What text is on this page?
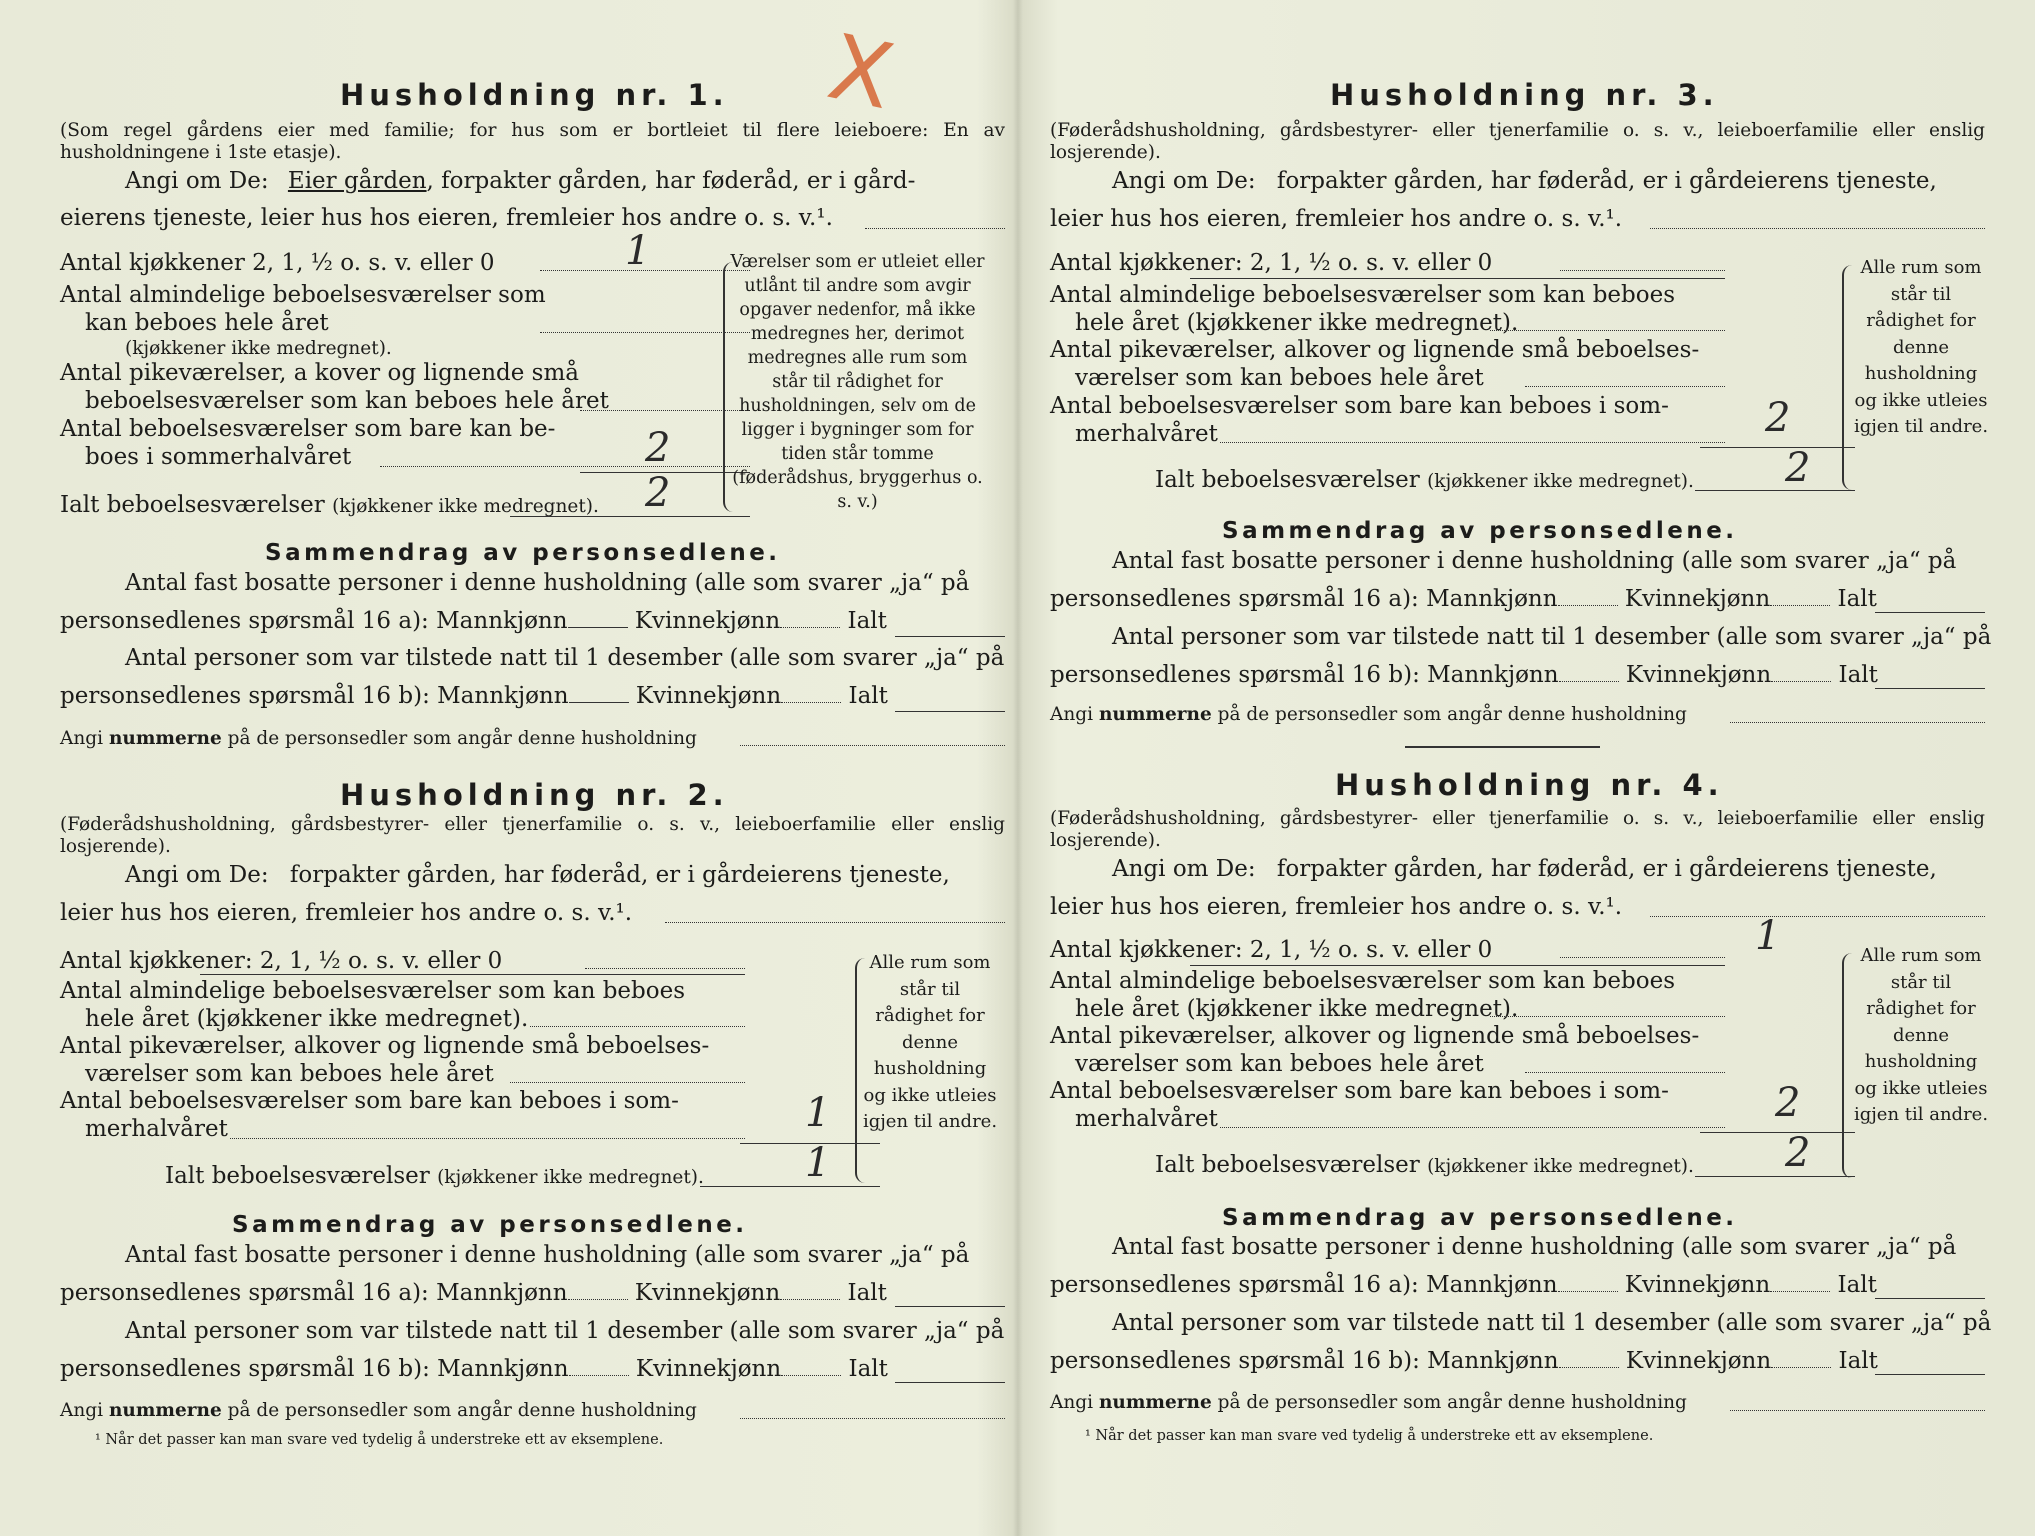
X
Husholdning nr. 1.
(Som regel gårdens eier med familie; for hus som er bortleiet til flere leieboere: En av husholdningene i 1ste etasje).
Angi om De: Eier gården, forpakter gården, har føderåd, er i gård-
eierens tjeneste, leier hus hos eieren, fremleier hos andre o. s. v.¹.
Antal kjøkkener 2, 1, ½ o. s. v. eller 0	1
Antal almindelige beboelsesværelser som
kan beboes hele året
(kjøkkener ikke medregnet).
Antal pikeværelser, a kover og lignende små
beboelsesværelser som kan beboes hele året
Antal beboelsesværelser som bare kan be-
boes i sommerhalvåret	2
Ialt beboelsesværelser (kjøkkener ikke medregnet). 2
Værelser som er utleiet eller utlånt til andre som avgir opgaver nedenfor, må ikke medregnes her, derimot medregnes alle rum som står til rådighet for husholdningen, selv om de ligger i bygninger som for tiden står tomme (føderådshus, bryggerhus o. s. v.)
Sammendrag av personsedlene.
Antal fast bosatte personer i denne husholdning (alle som svarer „ja“ på
personsedlenes spørsmål 16 a): Mannkjønn	Kvinnekjønn	Ialt
Antal personer som var tilstede natt til 1 desember (alle som svarer „ja“ på
personsedlenes spørsmål 16 b): Mannkjønn	Kvinnekjønn	Ialt
Angi nummerne på de personsedler som angår denne husholdning
Husholdning nr. 2.
(Føderådshusholdning, gårdsbestyrer- eller tjenerfamilie o. s. v., leieboerfamilie eller enslig losjerende).
Angi om De: forpakter gården, har føderåd, er i gårdeierens tjeneste,
leier hus hos eieren, fremleier hos andre o. s. v.¹.
Antal kjøkkener: 2, 1, ½ o. s. v. eller 0
Antal almindelige beboelsesværelser som kan beboes
hele året (kjøkkener ikke medregnet).
Antal pikeværelser, alkover og lignende små beboelses-
værelser som kan beboes hele året
Antal beboelsesværelser som bare kan beboes i som-
merhalvåret	1
Ialt beboelsesværelser (kjøkkener ikke medregnet).	1
Alle rum som står til rådighet for denne husholdning og ikke utleies igjen til andre.
Sammendrag av personsedlene.
Antal fast bosatte personer i denne husholdning (alle som svarer „ja“ på
personsedlenes spørsmål 16 a): Mannkjønn	Kvinnekjønn	Ialt
Antal personer som var tilstede natt til 1 desember (alle som svarer „ja“ på
personsedlenes spørsmål 16 b): Mannkjønn	Kvinnekjønn	Ialt
Angi nummerne på de personsedler som angår denne husholdning
¹ Når det passer kan man svare ved tydelig å understreke ett av eksemplene.
Husholdning nr. 3.
(Føderådshusholdning, gårdsbestyrer- eller tjenerfamilie o. s. v., leieboerfamilie eller enslig losjerende).
Angi om De: forpakter gården, har føderåd, er i gårdeierens tjeneste,
leier hus hos eieren, fremleier hos andre o. s. v.¹.
Antal kjøkkener: 2, 1, ½ o. s. v. eller 0
Antal almindelige beboelsesværelser som kan beboes
hele året (kjøkkener ikke medregnet).
Antal pikeværelser, alkover og lignende små beboelses-
værelser som kan beboes hele året
Antal beboelsesværelser som bare kan beboes i som-
merhalvåret	2
Ialt beboelsesværelser (kjøkkener ikke medregnet). 2
Alle rum som står til rådighet for denne husholdning og ikke utleies igjen til andre.
Sammendrag av personsedlene.
Antal fast bosatte personer i denne husholdning (alle som svarer „ja“ på
personsedlenes spørsmål 16 a): Mannkjønn	Kvinnekjønn	Ialt
Antal personer som var tilstede natt til 1 desember (alle som svarer „ja“ på
personsedlenes spørsmål 16 b): Mannkjønn	Kvinnekjønn	Ialt
Angi nummerne på de personsedler som angår denne husholdning
Husholdning nr. 4.
(Føderådshusholdning, gårdsbestyrer- eller tjenerfamilie o. s. v., leieboerfamilie eller enslig losjerende).
Angi om De: forpakter gården, har føderåd, er i gårdeierens tjeneste,
leier hus hos eieren, fremleier hos andre o. s. v.¹.
Antal kjøkkener: 2, 1, ½ o. s. v. eller 0	1
Antal almindelige beboelsesværelser som kan beboes
hele året (kjøkkener ikke medregnet).
Antal pikeværelser, alkover og lignende små beboelses-
værelser som kan beboes hele året
Antal beboelsesværelser som bare kan beboes i som-
merhalvåret	2
Ialt beboelsesværelser (kjøkkener ikke medregnet). 2
Alle rum som står til rådighet for denne husholdning og ikke utleies igjen til andre.
Sammendrag av personsedlene.
Antal fast bosatte personer i denne husholdning (alle som svarer „ja“ på
personsedlenes spørsmål 16 a): Mannkjønn	Kvinnekjønn	Ialt
Antal personer som var tilstede natt til 1 desember (alle som svarer „ja“ på
personsedlenes spørsmål 16 b): Mannkjønn	Kvinnekjønn	Ialt
Angi nummerne på de personsedler som angår denne husholdning
¹ Når det passer kan man svare ved tydelig å understreke ett av eksemplene.
